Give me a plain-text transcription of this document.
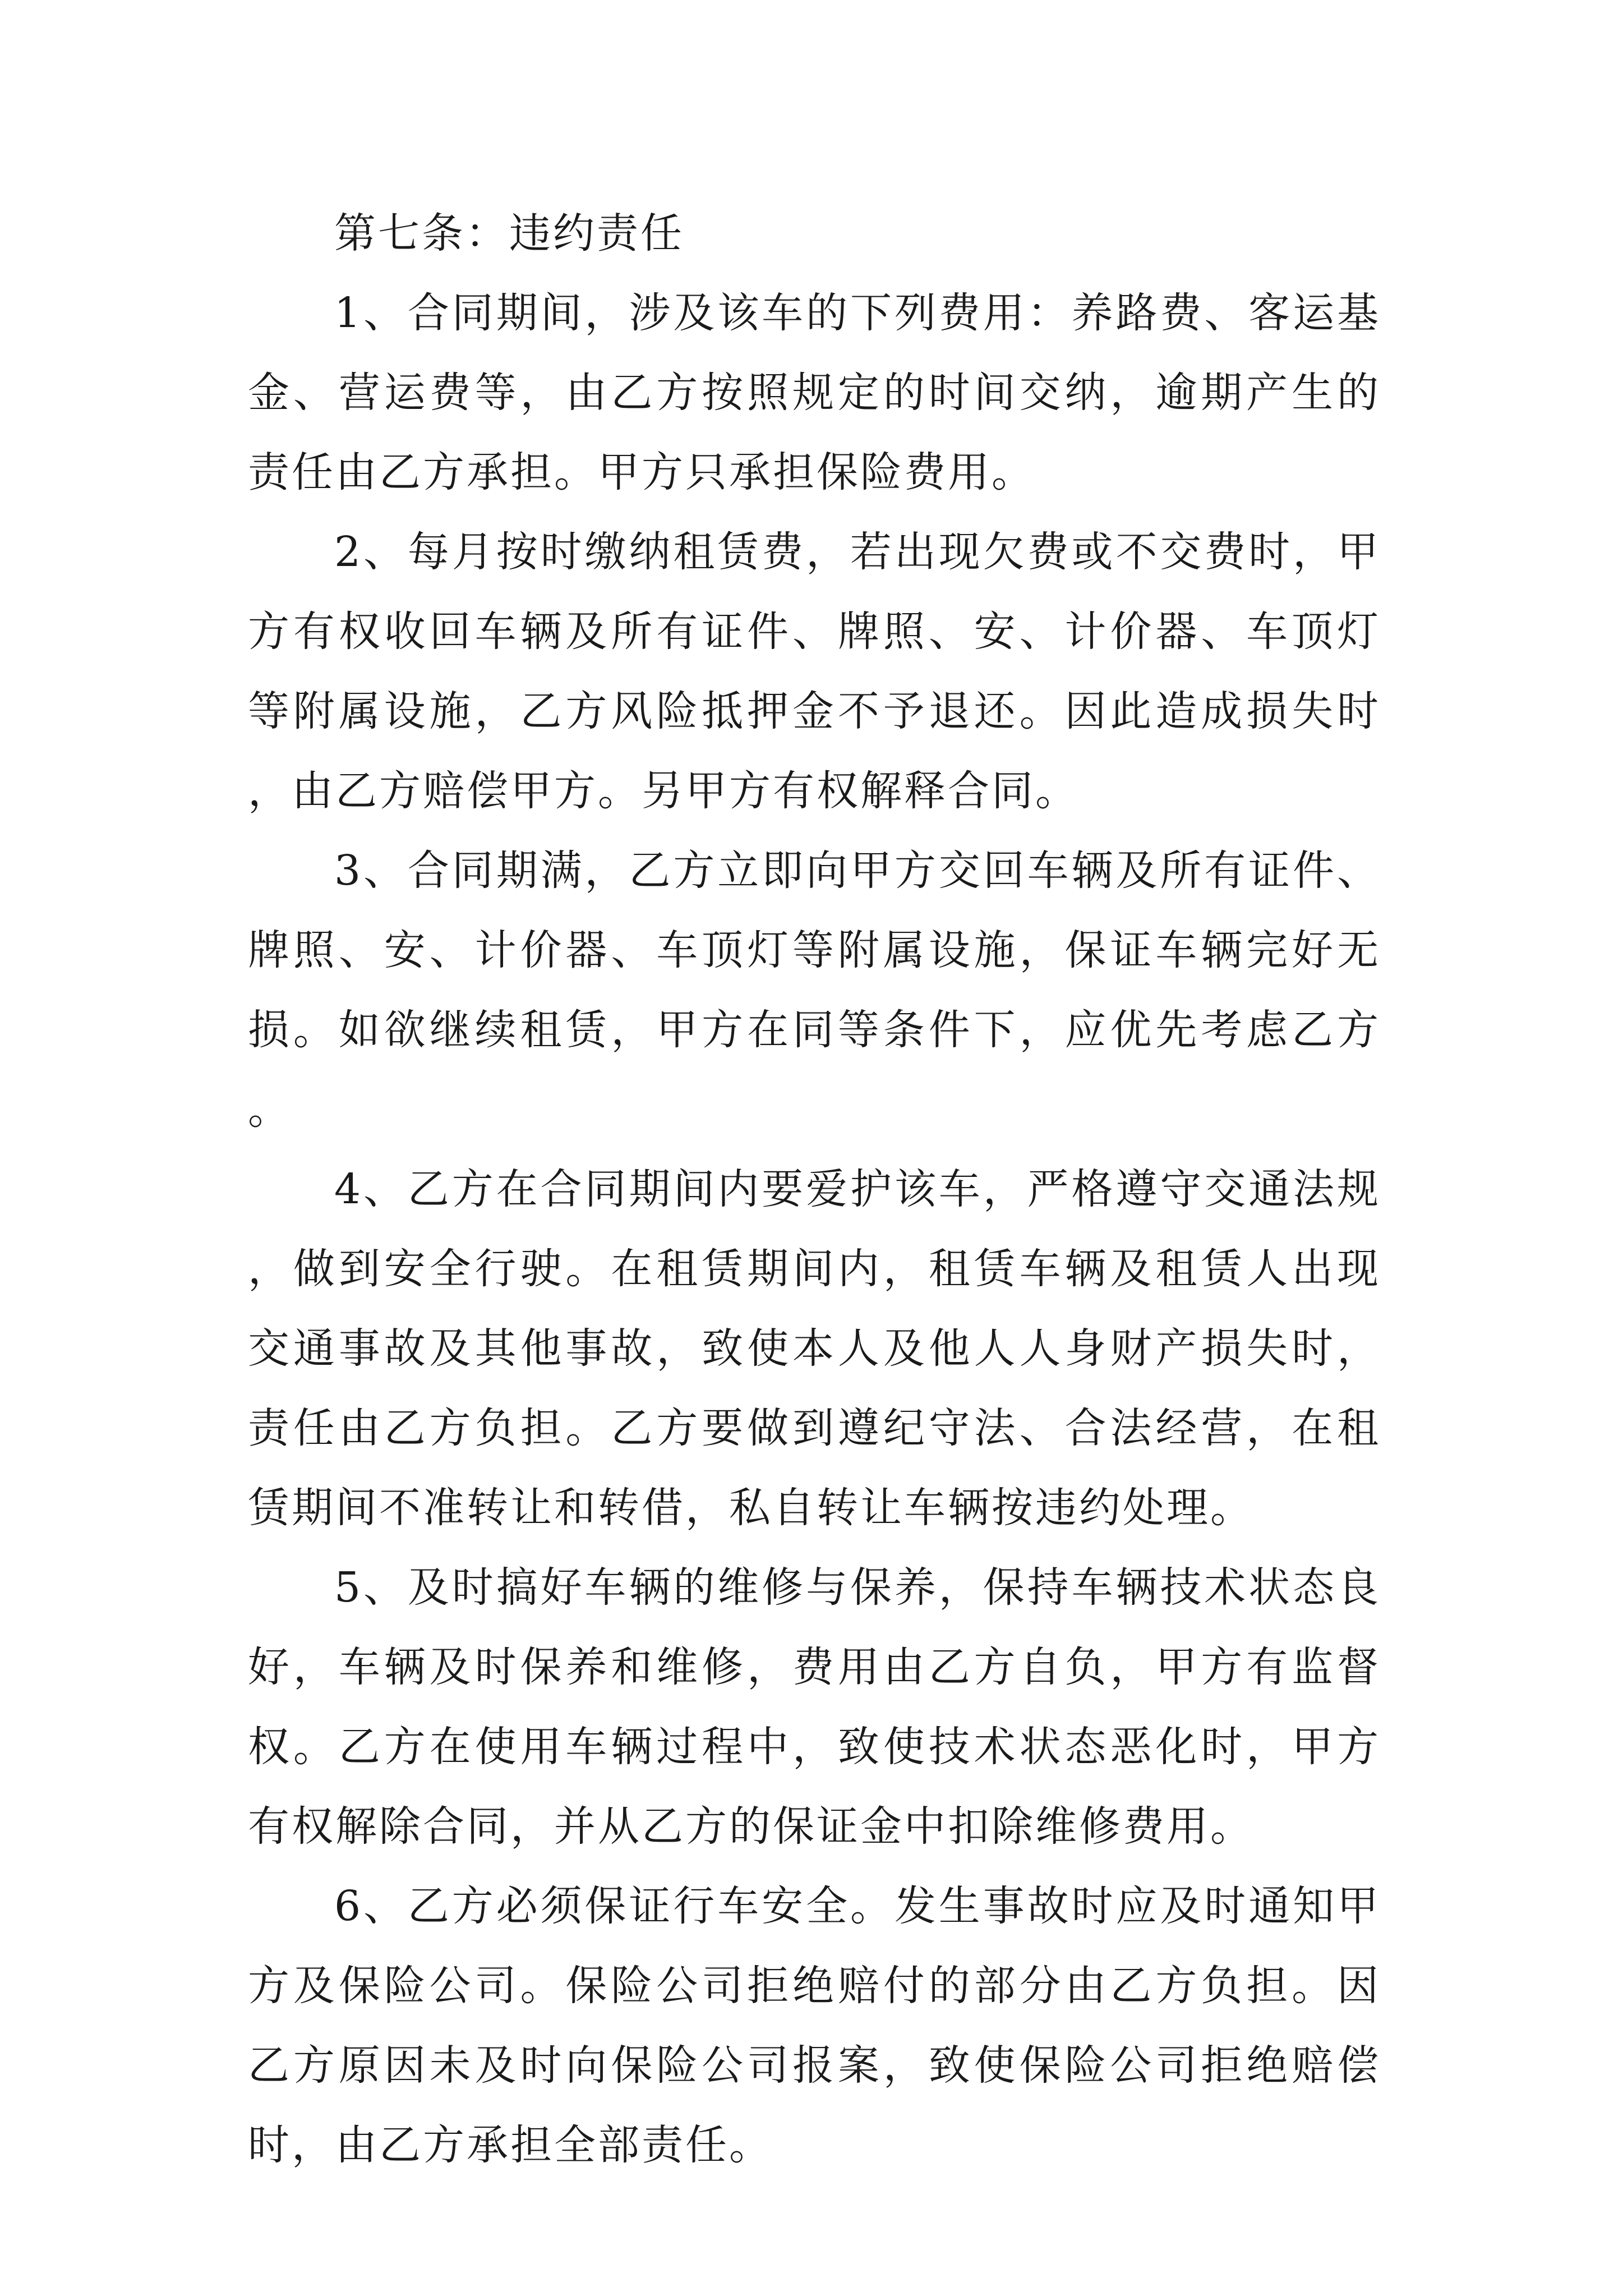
第七条：违约责任

1、合同期间，涉及该车的下列费用：养路费、客运基金、营运费等，由乙方按照规定的时间交纳，逾期产生的责任由乙方承担。甲方只承担保险费用。

2、每月按时缴纳租赁费，若出现欠费或不交费时，甲方有权收回车辆及所有证件、牌照、安、计价器、车顶灯等附属设施，乙方风险抵押金不予退还。因此造成损失时，由乙方赔偿甲方。另甲方有权解释合同。

3、合同期满，乙方立即向甲方交回车辆及所有证件、牌照、安、计价器、车顶灯等附属设施，保证车辆完好无损。如欲继续租赁，甲方在同等条件下，应优先考虑乙方。

4、乙方在合同期间内要爱护该车，严格遵守交通法规，做到安全行驶。在租赁期间内，租赁车辆及租赁人出现交通事故及其他事故，致使本人及他人人身财产损失时，责任由乙方负担。乙方要做到遵纪守法、合法经营，在租赁期间不准转让和转借，私自转让车辆按违约处理。

5、及时搞好车辆的维修与保养，保持车辆技术状态良好，车辆及时保养和维修，费用由乙方自负，甲方有监督权。乙方在使用车辆过程中，致使技术状态恶化时，甲方有权解除合同，并从乙方的保证金中扣除维修费用。

6、乙方必须保证行车安全。发生事故时应及时通知甲方及保险公司。保险公司拒绝赔付的部分由乙方负担。因乙方原因未及时向保险公司报案，致使保险公司拒绝赔偿时，由乙方承担全部责任。
